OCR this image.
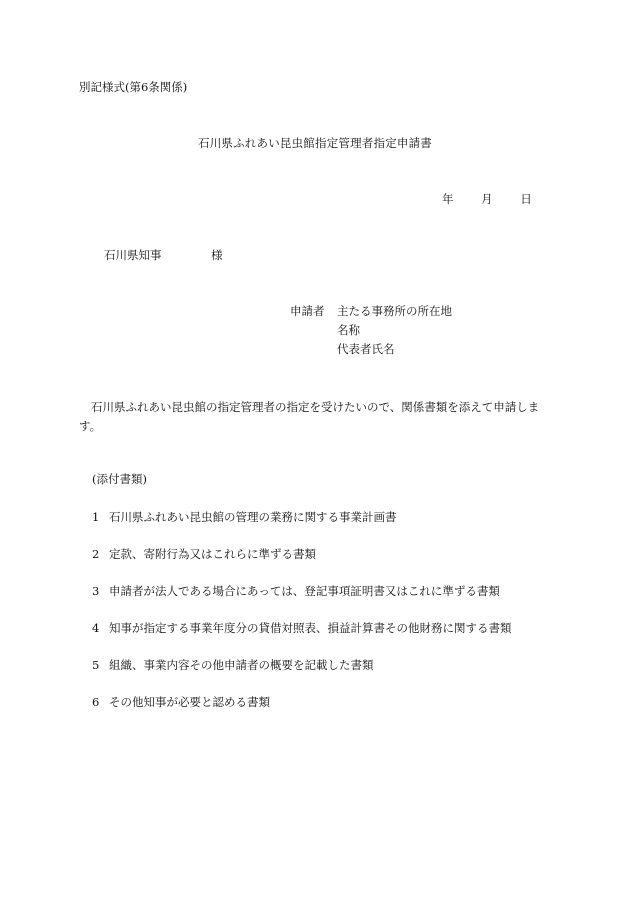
別記様式(第6条関係)
石川県ふれあい昆虫館指定管理者指定申請書
年 月 日
石川県知事	様
申請者 主たる事務所の所在地
名称
代表者氏名
石川県ふれあい昆虫館の指定管理者の指定を受けたいので、関係書類を添えて申請します。
(添付書類)
1 石川県ふれあい昆虫館の管理の業務に関する事業計画書
2 定款、寄附行為又はこれらに準ずる書類
3 申請者が法人である場合にあっては、登記事項証明書又はこれに準ずる書類
4 知事が指定する事業年度分の貸借対照表、損益計算書その他財務に関する書類
5 組織、事業内容その他申請者の概要を記載した書類
6 その他知事が必要と認める書類
